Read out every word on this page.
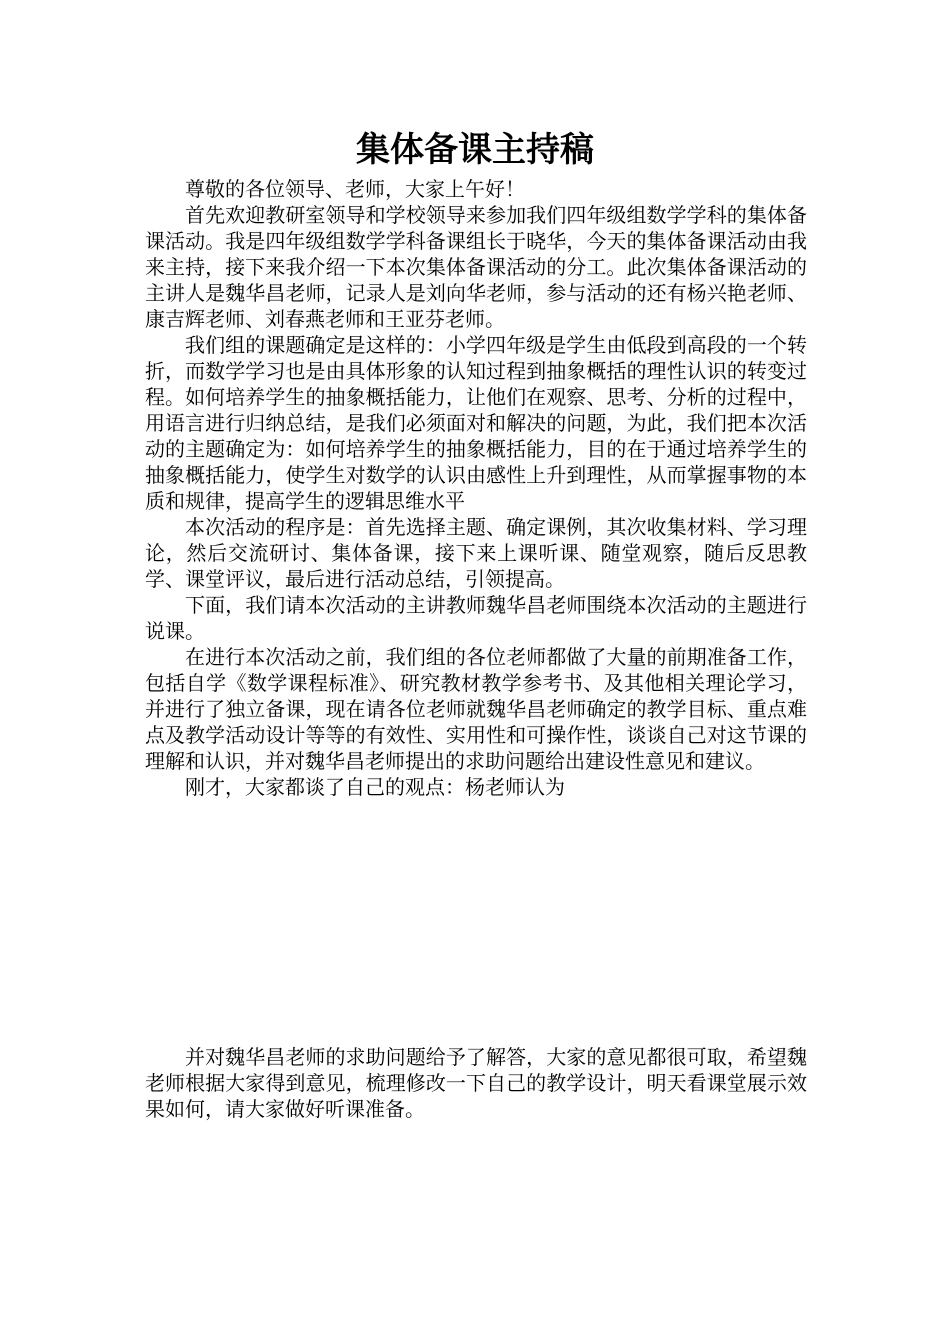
集体备课主持稿

尊敬的各位领导、老师，大家上午好！

首先欢迎教研室领导和学校领导来参加我们四年级组数学学科的集体备课活动。我是四年级组数学学科备课组长于晓华，今天的集体备课活动由我来主持，接下来我介绍一下本次集体备课活动的分工。此次集体备课活动的主讲人是魏华昌老师，记录人是刘向华老师，参与活动的还有杨兴艳老师、康吉辉老师、刘春燕老师和王亚芬老师。

我们组的课题确定是这样的：小学四年级是学生由低段到高段的一个转折，而数学学习也是由具体形象的认知过程到抽象概括的理性认识的转变过程。如何培养学生的抽象概括能力，让他们在观察、思考、分析的过程中，用语言进行归纳总结，是我们必须面对和解决的问题，为此，我们把本次活动的主题确定为：如何培养学生的抽象概括能力，目的在于通过培养学生的抽象概括能力，使学生对数学的认识由感性上升到理性，从而掌握事物的本质和规律，提高学生的逻辑思维水平

本次活动的程序是：首先选择主题、确定课例，其次收集材料、学习理论，然后交流研讨、集体备课，接下来上课听课、随堂观察，随后反思教学、课堂评议，最后进行活动总结，引领提高。

下面，我们请本次活动的主讲教师魏华昌老师围绕本次活动的主题进行说课。

在进行本次活动之前，我们组的各位老师都做了大量的前期准备工作，包括自学《数学课程标准》、研究教材教学参考书、及其他相关理论学习，并进行了独立备课，现在请各位老师就魏华昌老师确定的教学目标、重点难点及教学活动设计等等的有效性、实用性和可操作性，谈谈自己对这节课的理解和认识，并对魏华昌老师提出的求助问题给出建设性意见和建议。

刚才，大家都谈了自己的观点：杨老师认为

并对魏华昌老师的求助问题给予了解答，大家的意见都很可取，希望魏老师根据大家得到意见，梳理修改一下自己的教学设计，明天看课堂展示效果如何，请大家做好听课准备。
